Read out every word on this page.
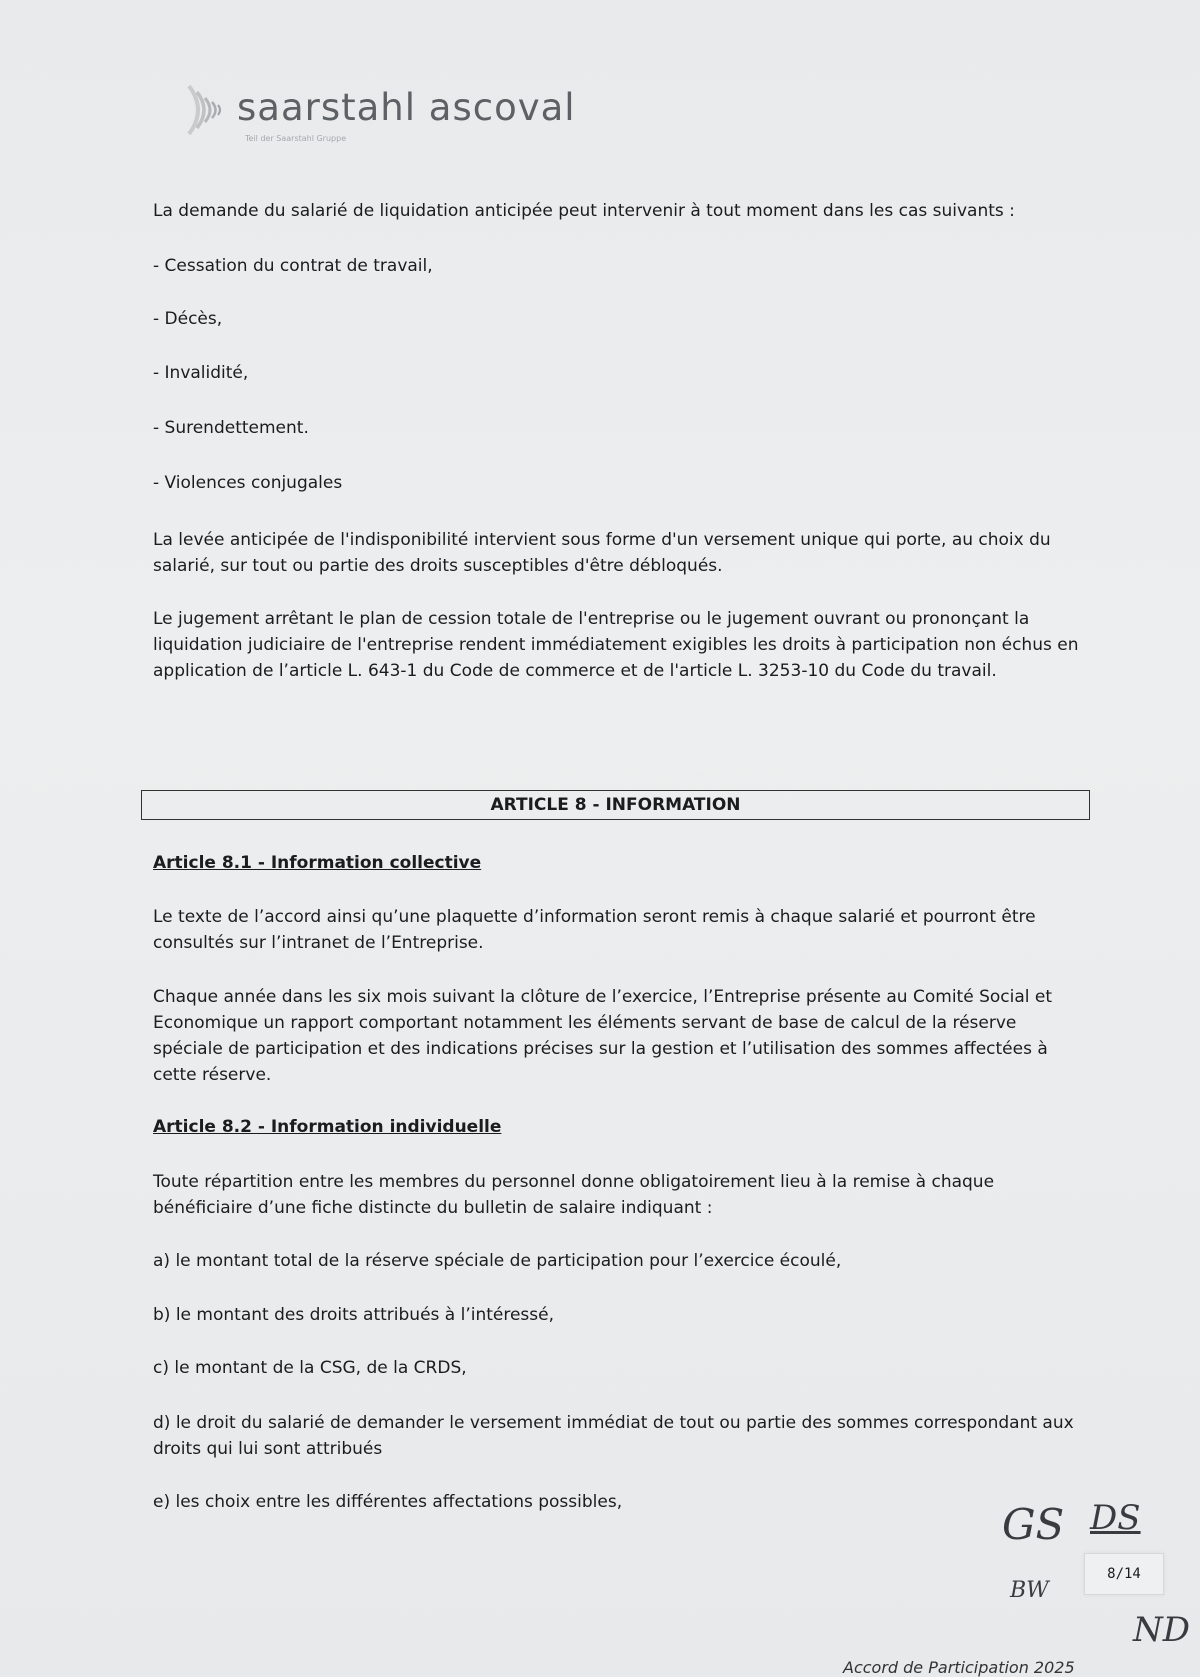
saarstahl ascoval
Teil der Saarstahl Gruppe

La demande du salarié de liquidation anticipée peut intervenir à tout moment dans les cas suivants :

- Cessation du contrat de travail,

- Décès,

- Invalidité,

- Surendettement.

- Violences conjugales

La levée anticipée de l'indisponibilité intervient sous forme d'un versement unique qui porte, au choix du salarié, sur tout ou partie des droits susceptibles d'être débloqués.

Le jugement arrêtant le plan de cession totale de l'entreprise ou le jugement ouvrant ou prononçant la liquidation judiciaire de l'entreprise rendent immédiatement exigibles les droits à participation non échus en application de l’article L. 643-1 du Code de commerce et de l'article L. 3253-10 du Code du travail.

Article 8.1 - Information collective

Le texte de l’accord ainsi qu’une plaquette d’information seront remis à chaque salarié et pourront être consultés sur l’intranet de l’Entreprise.

Chaque année dans les six mois suivant la clôture de l’exercice, l’Entreprise présente au Comité Social et Economique un rapport comportant notamment les éléments servant de base de calcul de la réserve spéciale de participation et des indications précises sur la gestion et l’utilisation des sommes affectées à cette réserve.

Article 8.2 - Information individuelle

Toute répartition entre les membres du personnel donne obligatoirement lieu à la remise à chaque bénéficiaire d’une fiche distincte du bulletin de salaire indiquant :

a) le montant total de la réserve spéciale de participation pour l’exercice écoulé,

b) le montant des droits attribués à l’intéressé,

c) le montant de la CSG, de la CRDS,

d) le droit du salarié de demander le versement immédiat de tout ou partie des sommes correspondant aux droits qui lui sont attribués

e) les choix entre les différentes affectations possibles,

ARTICLE 8 - INFORMATION
GS DS
BW
ND
8/14
Accord de Participation 2025
